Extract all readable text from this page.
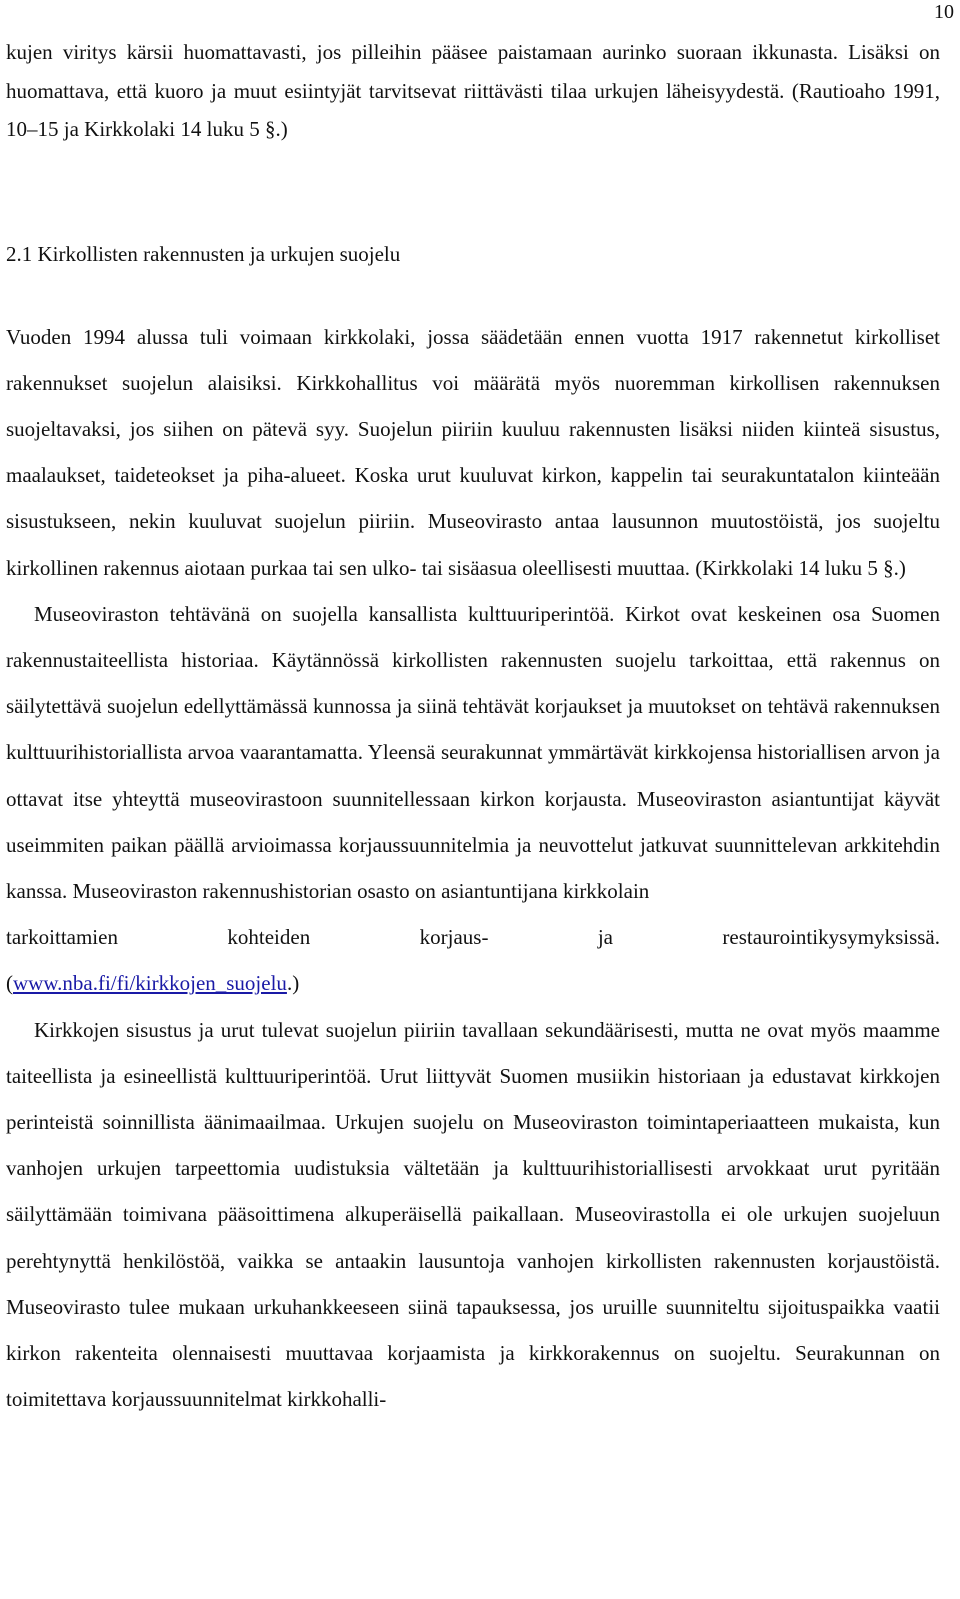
10

kujen viritys kärsii huomattavasti, jos pilleihin pääsee paistamaan aurinko suoraan ikkunasta. Lisäksi on huomattava, että kuoro ja muut esiintyjät tarvitsevat riittävästi tilaa urkujen läheisyydestä. (Rautioaho 1991, 10–15 ja Kirkkolaki 14 luku 5 §.)

2.1 Kirkollisten rakennusten ja urkujen suojelu

Vuoden 1994 alussa tuli voimaan kirkkolaki, jossa säädetään ennen vuotta 1917 rakennetut kirkolliset rakennukset suojelun alaisiksi. Kirkkohallitus voi määrätä myös nuoremman kirkollisen rakennuksen suojeltavaksi, jos siihen on pätevä syy. Suojelun piiriin kuuluu rakennusten lisäksi niiden kiinteä sisustus, maalaukset, taideteokset ja piha-alueet. Koska urut kuuluvat kirkon, kappelin tai seurakuntatalon kiinteään sisustukseen, nekin kuuluvat suojelun piiriin. Museovirasto antaa lausunnon muutostöistä, jos suojeltu kirkollinen rakennus aiotaan purkaa tai sen ulko- tai sisäasua oleellisesti muuttaa. (Kirkkolaki 14 luku 5 §.)

Museoviraston tehtävänä on suojella kansallista kulttuuriperintöä. Kirkot ovat keskeinen osa Suomen rakennustaiteellista historiaa. Käytännössä kirkollisten rakennusten suojelu tarkoittaa, että rakennus on säilytettävä suojelun edellyttämässä kunnossa ja siinä tehtävät korjaukset ja muutokset on tehtävä rakennuksen kulttuurihistoriallista arvoa vaarantamatta. Yleensä seurakunnat ymmärtävät kirkkojensa historiallisen arvon ja ottavat itse yhteyttä museovirastoon suunnitellessaan kirkon korjausta. Museoviraston asiantuntijat käyvät useimmiten paikan päällä arvioimassa korjaussuunnitelmia ja neuvottelut jatkuvat suunnittelevan arkkitehdin kanssa. Museoviraston rakennushistorian osasto on asiantuntijana kirkkolain

tarkoittamien kohteiden korjaus- ja restaurointikysymyksissä.

(www.nba.fi/fi/kirkkojen_suojelu.)

Kirkkojen sisustus ja urut tulevat suojelun piiriin tavallaan sekundäärisesti, mutta ne ovat myös maamme taiteellista ja esineellistä kulttuuriperintöä. Urut liittyvät Suomen musiikin historiaan ja edustavat kirkkojen perinteistä soinnillista äänimaailmaa. Urkujen suojelu on Museoviraston toimintaperiaatteen mukaista, kun vanhojen urkujen tarpeettomia uudistuksia vältetään ja kulttuurihistoriallisesti arvokkaat urut pyritään säilyttämään toimivana pääsoittimena alkuperäisellä paikallaan. Museovirastolla ei ole urkujen suojeluun perehtynyttä henkilöstöä, vaikka se antaakin lausuntoja vanhojen kirkollisten rakennusten korjaustöistä. Museovirasto tulee mukaan urkuhankkeeseen siinä tapauksessa, jos uruille suunniteltu sijoituspaikka vaatii kirkon rakenteita olennaisesti muuttavaa korjaamista ja kirkkorakennus on suojeltu. Seurakunnan on toimitettava korjaussuunnitelmat kirkkohalli-
